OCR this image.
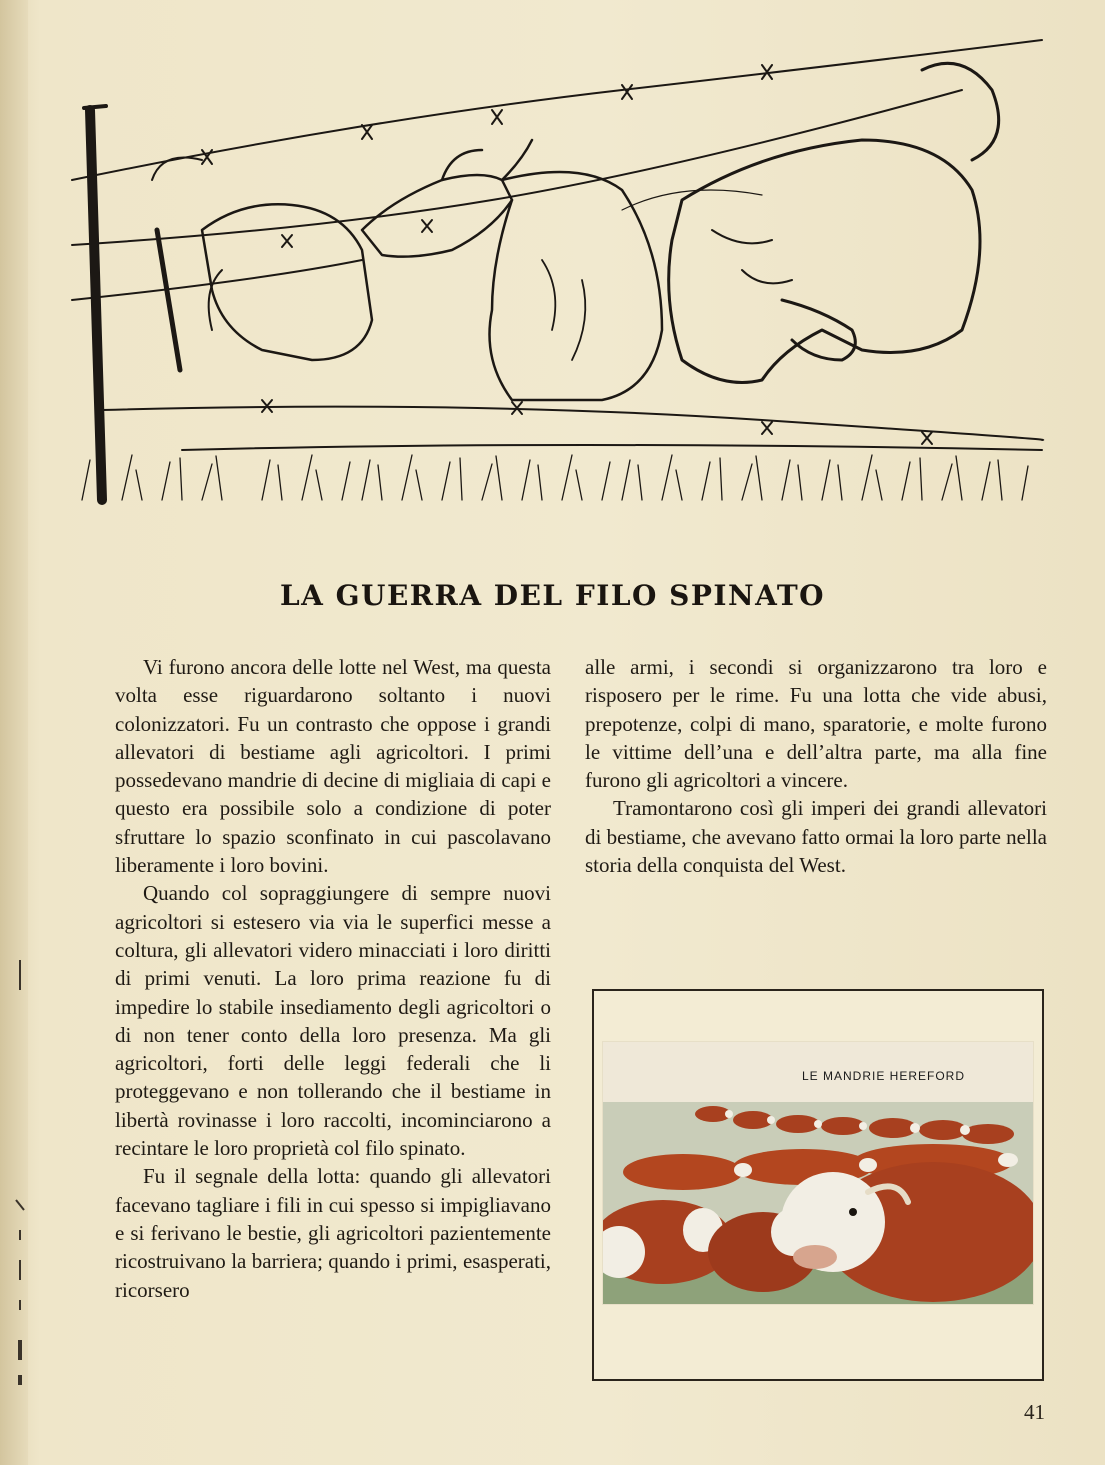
LA GUERRA DEL FILO SPINATO

Vi furono ancora delle lotte nel West, ma questa volta esse riguardarono soltanto i nuovi colonizzatori. Fu un contrasto che oppose i grandi allevatori di bestiame agli agricoltori. I primi possedevano mandrie di decine di migliaia di capi e questo era possibile solo a condizione di poter sfruttare lo spazio sconfinato in cui pascolavano liberamente i loro bovini.

Quando col sopraggiungere di sempre nuovi agricoltori si estesero via via le superfici messe a coltura, gli allevatori videro minacciati i loro diritti di primi venuti. La loro prima reazione fu di impedire lo stabile insediamento degli agricoltori o di non tener conto della loro presenza. Ma gli agricoltori, forti delle leggi federali che li proteggevano e non tollerando che il bestiame in libertà rovinasse i loro raccolti, incominciarono a recintare le loro proprietà col filo spinato.

Fu il segnale della lotta: quando gli allevatori facevano tagliare i fili in cui spesso si impigliavano e si ferivano le bestie, gli agricoltori pazientemente ricostruivano la barriera; quando i primi, esasperati, ricorsero

alle armi, i secondi si organizzarono tra loro e risposero per le rime. Fu una lotta che vide abusi, prepotenze, colpi di mano, sparatorie, e molte furono le vittime dell’una e dell’altra parte, ma alla fine furono gli agricoltori a vincere.

Tramontarono così gli imperi dei grandi allevatori di bestiame, che avevano fatto ormai la loro parte nella storia della conquista del West.

LE MANDRIE HEREFORD
41
